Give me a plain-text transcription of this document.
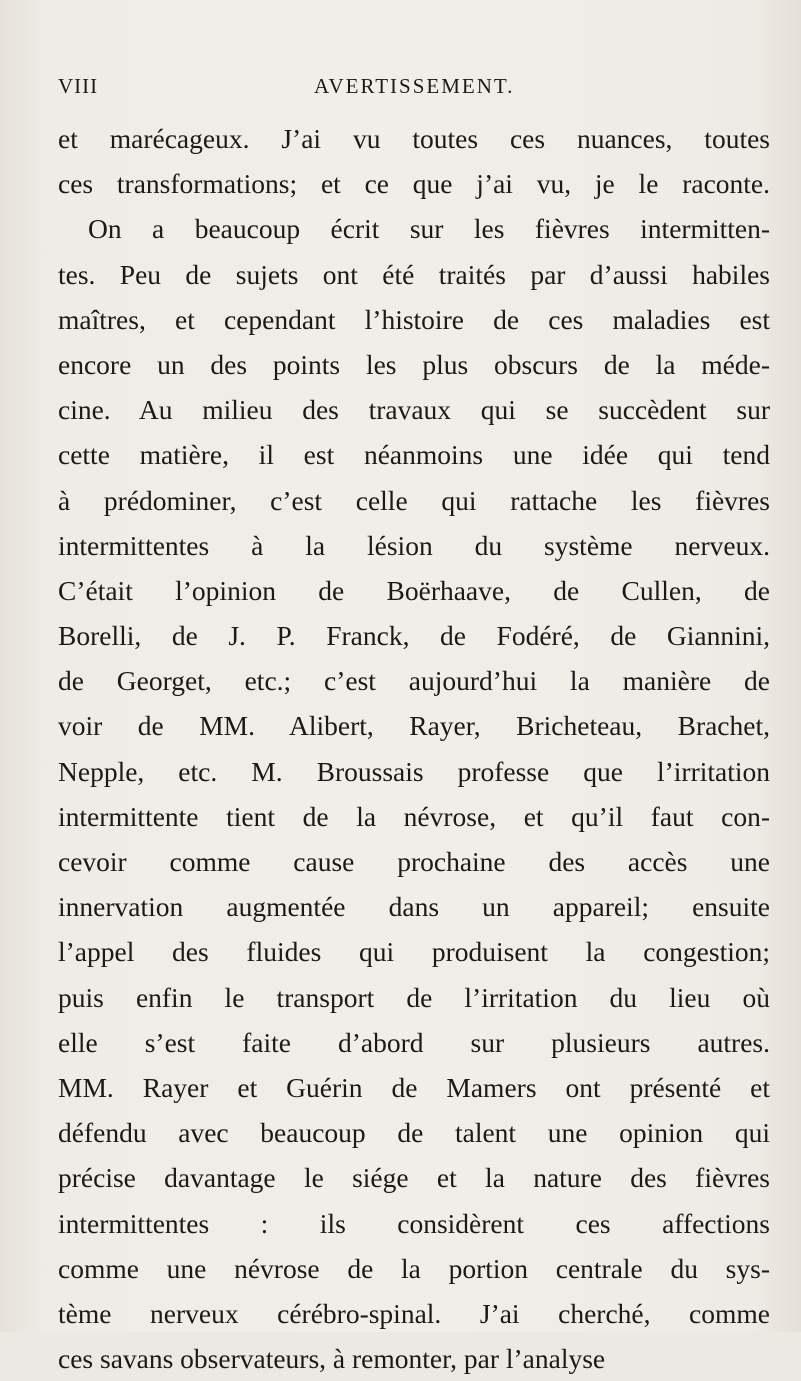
VIII	AVERTISSEMENT.
et marécageux. J’ai vu toutes ces nuances, toutes
ces transformations; et ce que j’ai vu, je le raconte.
On a beaucoup écrit sur les fièvres intermitten-
tes. Peu de sujets ont été traités par d’aussi habiles
maîtres, et cependant l’histoire de ces maladies est
encore un des points les plus obscurs de la méde-
cine. Au milieu des travaux qui se succèdent sur
cette matière, il est néanmoins une idée qui tend
à prédominer, c’est celle qui rattache les fièvres
intermittentes à la lésion du système nerveux.
C’était l’opinion de Boërhaave, de Cullen, de
Borelli, de J. P. Franck, de Fodéré, de Giannini,
de Georget, etc.; c’est aujourd’hui la manière de
voir de MM. Alibert, Rayer, Bricheteau, Brachet,
Nepple, etc. M. Broussais professe que l’irritation
intermittente tient de la névrose, et qu’il faut con-
cevoir comme cause prochaine des accès une
innervation augmentée dans un appareil; ensuite
l’appel des fluides qui produisent la congestion;
puis enfin le transport de l’irritation du lieu où
elle s’est faite d’abord sur plusieurs autres.
MM. Rayer et Guérin de Mamers ont présenté et
défendu avec beaucoup de talent une opinion qui
précise davantage le siége et la nature des fièvres
intermittentes : ils considèrent ces affections
comme une névrose de la portion centrale du sys-
tème nerveux cérébro-spinal. J’ai cherché, comme
ces savans observateurs, à remonter, par l’analyse
